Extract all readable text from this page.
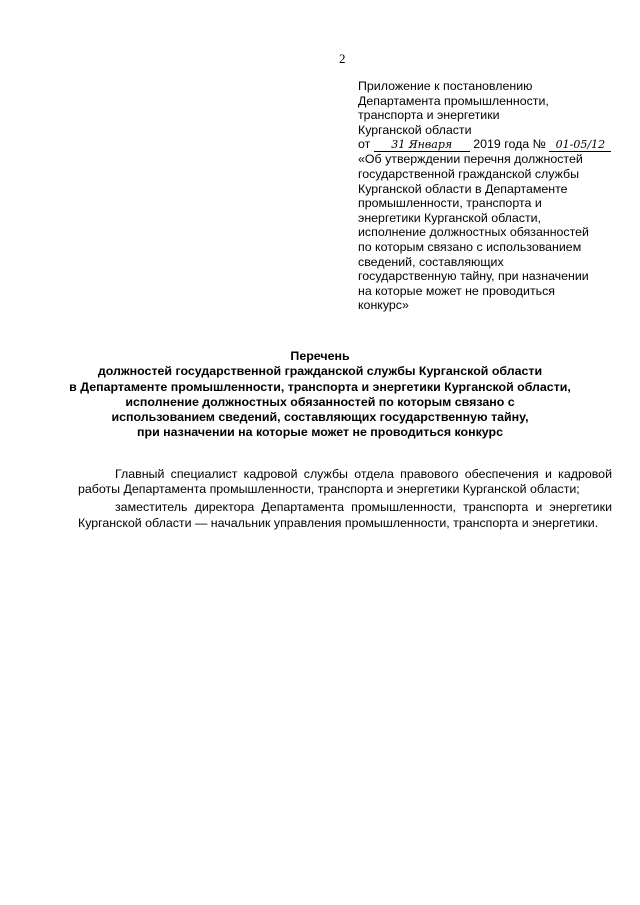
2
Приложение к постановлению
Департамента промышленности,
транспорта и энергетики
Курганской области
от 31 Января 2019 года № 01-05/12
«Об утверждении перечня должностей
государственной гражданской службы
Курганской области в Департаменте
промышленности, транспорта и
энергетики Курганской области,
исполнение должностных обязанностей
по которым связано с использованием
сведений, составляющих
государственную тайну, при назначении
на которые может не проводиться
конкурс»
Перечень
должностей государственной гражданской службы Курганской области
в Департаменте промышленности, транспорта и энергетики Курганской области,
исполнение должностных обязанностей по которым связано с
использованием сведений, составляющих государственную тайну,
при назначении на которые может не проводиться конкурс

Главный специалист кадровой службы отдела правового обеспечения и кадровой работы Департамента промышленности, транспорта и энергетики Курганской области;

заместитель директора Департамента промышленности, транспорта и энергетики Курганской области — начальник управления промышленности, транспорта и энергетики.
